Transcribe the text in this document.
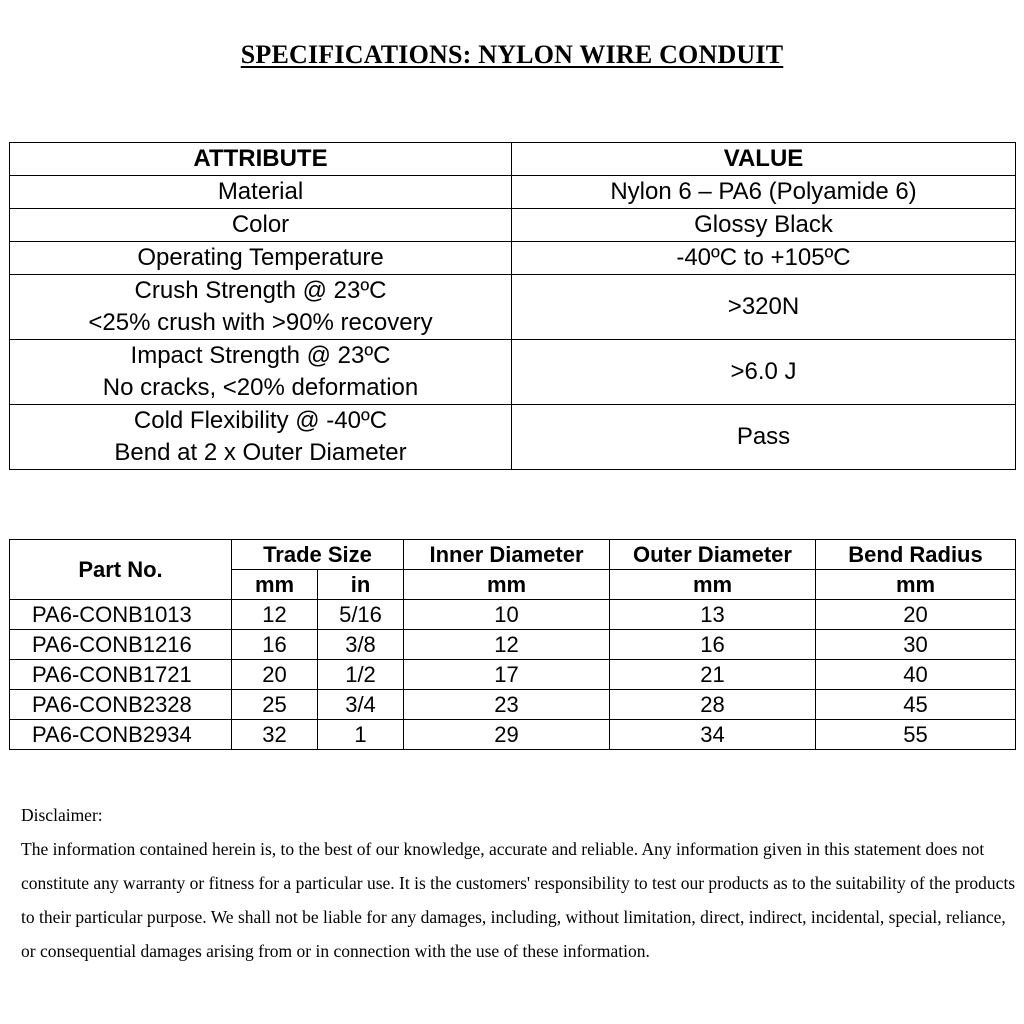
SPECIFICATIONS: NYLON WIRE CONDUIT
ATTRIBUTE	VALUE

Material	Nylon 6 – PA6 (Polyamide 6)

Color	Glossy Black

Operating Temperature	-40ºC to +105ºC

Crush Strength @ 23ºC
<25% crush with >90% recovery	>320N

Impact Strength @ 23ºC
No cracks, <20% deformation	>6.0 J

Cold Flexibility @ -40ºC
Bend at 2 x Outer Diameter	Pass
Part No.	Trade Size		Inner Diameter	Outer Diameter	Bend Radius
	mm	in	mm	mm	mm
PA6-CONB1013	12	5/16	10	13	20
PA6-CONB1216	16	3/8	12	16	30
PA6-CONB1721	20	1/2	17	21	40
PA6-CONB2328	25	3/4	23	28	45
PA6-CONB2934	32	1	29	34	55

Disclaimer:

The information contained herein is, to the best of our knowledge, accurate and reliable. Any information given in this statement does not constitute any warranty or fitness for a particular use. It is the customers' responsibility to test our products as to the suitability of the products to their particular purpose. We shall not be liable for any damages, including, without limitation, direct, indirect, incidental, special, reliance, or consequential damages arising from or in connection with the use of these information.
